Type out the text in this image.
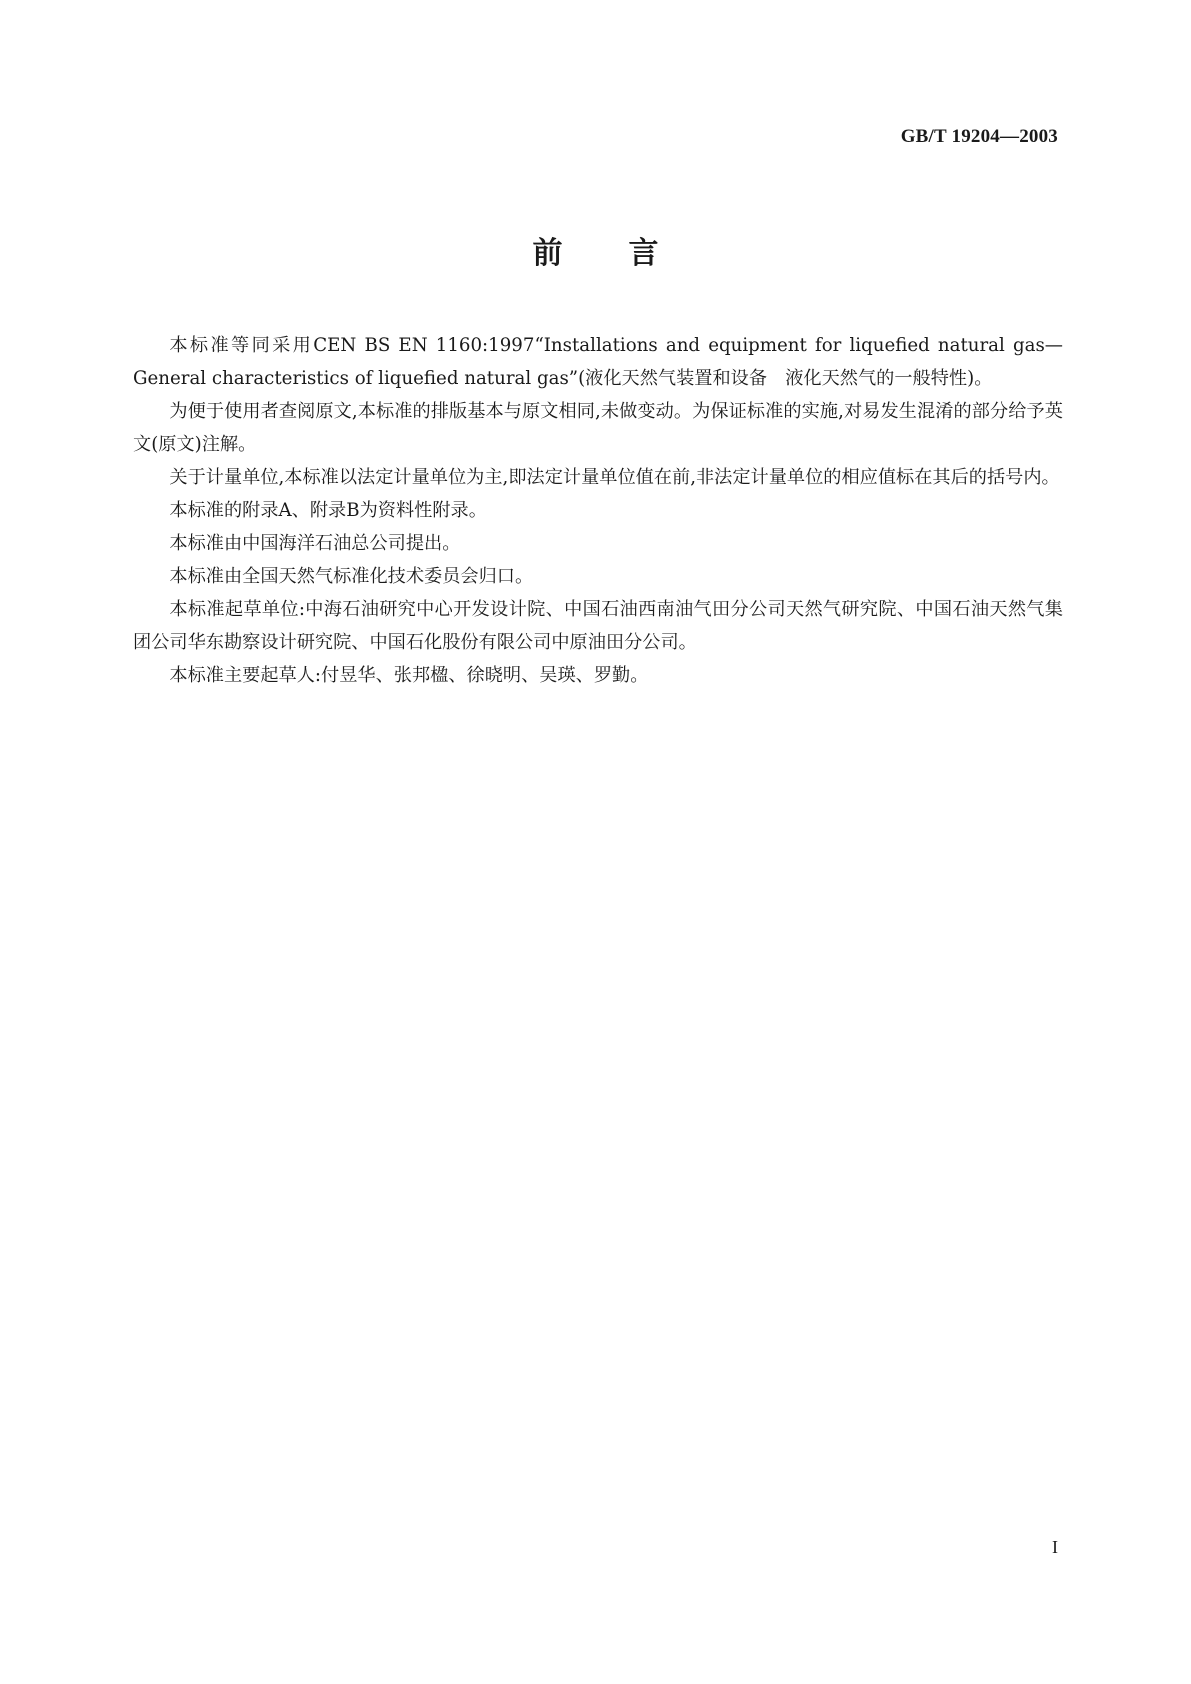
GB/T 19204—2003
前言

本标准等同采用CEN BS EN 1160:1997“Installations and equipment for liquefied natural gas—General characteristics of liquefied natural gas”(液化天然气装置和设备　液化天然气的一般特性)。

为便于使用者查阅原文,本标准的排版基本与原文相同,未做变动。为保证标准的实施,对易发生混淆的部分给予英文(原文)注解。

关于计量单位,本标准以法定计量单位为主,即法定计量单位值在前,非法定计量单位的相应值标在其后的括号内。

本标准的附录A、附录B为资料性附录。

本标准由中国海洋石油总公司提出。

本标准由全国天然气标准化技术委员会归口。

本标准起草单位:中海石油研究中心开发设计院、中国石油西南油气田分公司天然气研究院、中国石油天然气集团公司华东勘察设计研究院、中国石化股份有限公司中原油田分公司。

本标准主要起草人:付昱华、张邦楹、徐晓明、吴瑛、罗勤。

I
